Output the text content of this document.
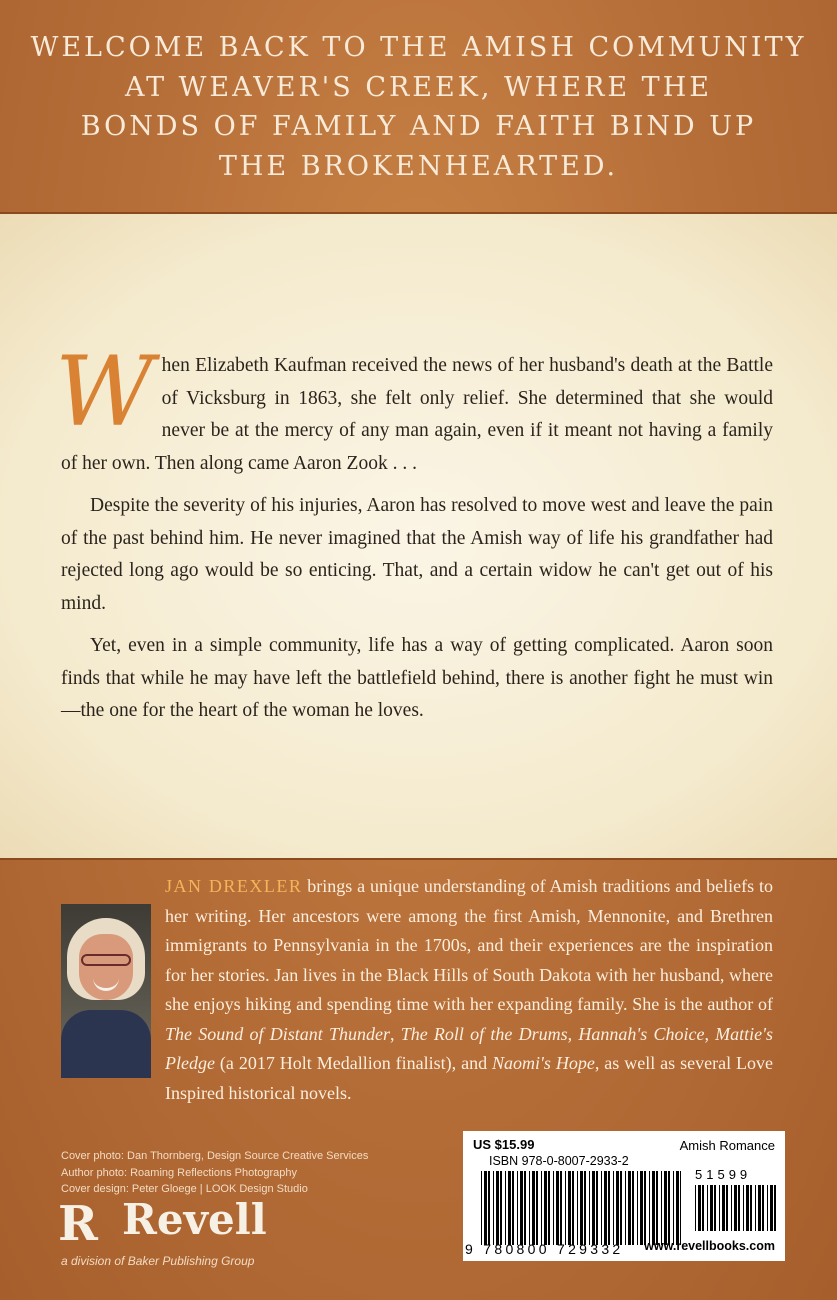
WELCOME BACK TO THE AMISH COMMUNITY
AT WEAVER'S CREEK, WHERE THE
BONDS OF FAMILY AND FAITH BIND UP
THE BROKENHEARTED.

When Elizabeth Kaufman received the news of her husband's death at the Battle of Vicksburg in 1863, she felt only relief. She determined that she would never be at the mercy of any man again, even if it meant not having a family of her own. Then along came Aaron Zook . . .

Despite the severity of his injuries, Aaron has resolved to move west and leave the pain of the past behind him. He never imagined that the Amish way of life his grandfather had rejected long ago would be so enticing. That, and a certain widow he can't get out of his mind.

Yet, even in a simple community, life has a way of getting complicated. Aaron soon finds that while he may have left the battlefield behind, there is another fight he must win—the one for the heart of the woman he loves.

JAN DREXLER brings a unique understanding of Amish traditions and beliefs to her writing. Her ancestors were among the first Amish, Mennonite, and Brethren immigrants to Pennsylvania in the 1700s, and their experiences are the inspiration for her stories. Jan lives in the Black Hills of South Dakota with her husband, where she enjoys hiking and spending time with her expanding family. She is the author of The Sound of Distant Thunder, The Roll of the Drums, Hannah's Choice, Mattie's Pledge (a 2017 Holt Medallion finalist), and Naomi's Hope, as well as several Love Inspired historical novels.
Cover photo: Dan Thornberg, Design Source Creative Services
Author photo: Roaming Reflections Photography
Cover design: Peter Gloege | LOOK Design Studio
R Revell
a division of Baker Publishing Group
US $15.99	Amish Romance
ISBN 978-0-8007-2933-2
9 780800 729332
51599
www.revellbooks.com
